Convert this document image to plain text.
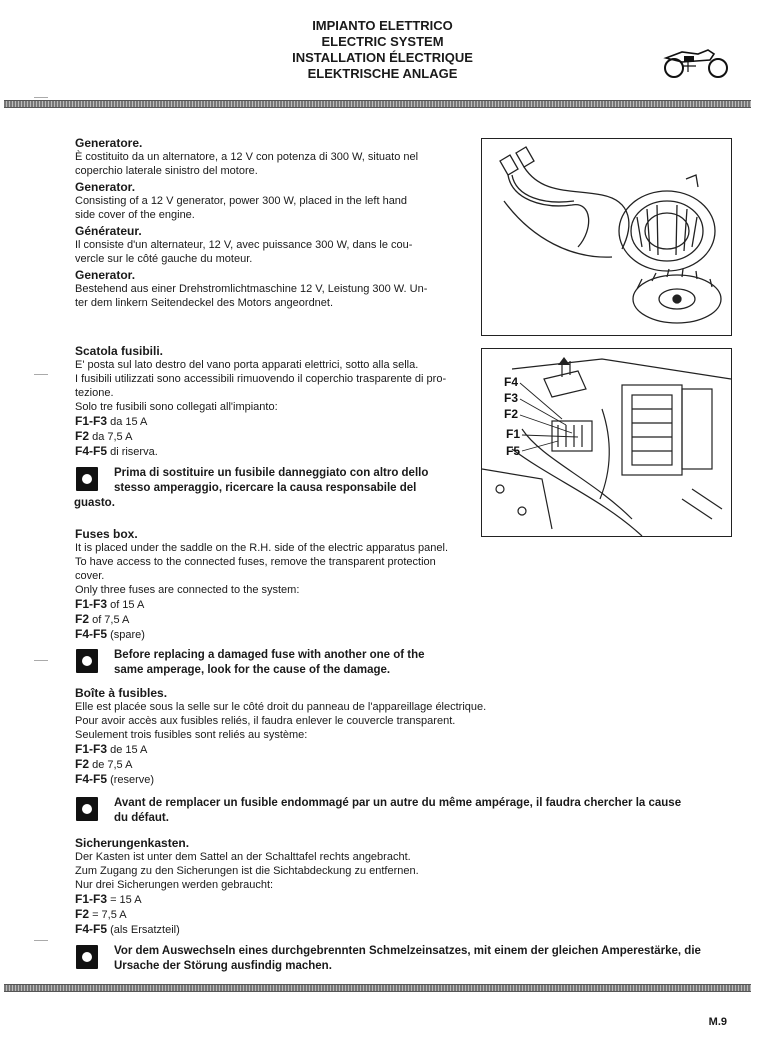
IMPIANTO ELETTRICO
ELECTRIC SYSTEM
INSTALLATION ÉLECTRIQUE
ELEKTRISCHE ANLAGE

Generatore.

È costituito da un alternatore, a 12 V con potenza di 300 W, situato nel

coperchio laterale sinistro del motore.

Generator.

Consisting of a 12 V generator, power 300 W, placed in the left hand

side cover of the engine.

Générateur.

Il consiste d'un alternateur, 12 V, avec puissance 300 W, dans le cou-

vercle sur le côté gauche du moteur.

Generator.

Bestehend aus einer Drehstromlichtmaschine 12 V, Leistung 300 W. Un-

ter dem linkern Seitendeckel des Motors angeordnet.

F4
F3
F2
F1
F5

Scatola fusibili.

E' posta sul lato destro del vano porta apparati elettrici, sotto alla sella.

I fusibili utilizzati sono accessibili rimuovendo il coperchio trasparente di pro-

tezione.

Solo tre fusibili sono collegati all'impianto:

F1-F3 da 15 A

F2 da 7,5 A

F4-F5 di riserva.

Prima di sostituire un fusibile danneggiato con altro dello
stesso amperaggio, ricercare la causa responsabile del
guasto.

Fuses box.

It is placed under the saddle on the R.H. side of the electric apparatus panel.

To have access to the connected fuses, remove the transparent protection

cover.

Only three fuses are connected to the system:

F1-F3 of 15 A

F2 of 7,5 A

F4-F5 (spare)

Before replacing a damaged fuse with another one of the
same amperage, look for the cause of the damage.

Boîte à fusibles.

Elle est placée sous la selle sur le côté droit du panneau de l'appareillage électrique.

Pour avoir accès aux fusibles reliés, il faudra enlever le couvercle transparent.

Seulement trois fusibles sont reliés au système:

F1-F3 de 15 A

F2 de 7,5 A

F4-F5 (reserve)

Avant de remplacer un fusible endommagé par un autre du même ampérage, il faudra chercher la cause
du défaut.

Sicherungenkasten.

Der Kasten ist unter dem Sattel an der Schalttafel rechts angebracht.

Zum Zugang zu den Sicherungen ist die Sichtabdeckung zu entfernen.

Nur drei Sicherungen werden gebraucht:

F1-F3 = 15 A

F2 = 7,5 A

F4-F5 (als Ersatzteil)

Vor dem Auswechseln eines durchgebrennten Schmelzeinsatzes, mit einem der gleichen Amperestärke, die
Ursache der Störung ausfindig machen.
M.9
